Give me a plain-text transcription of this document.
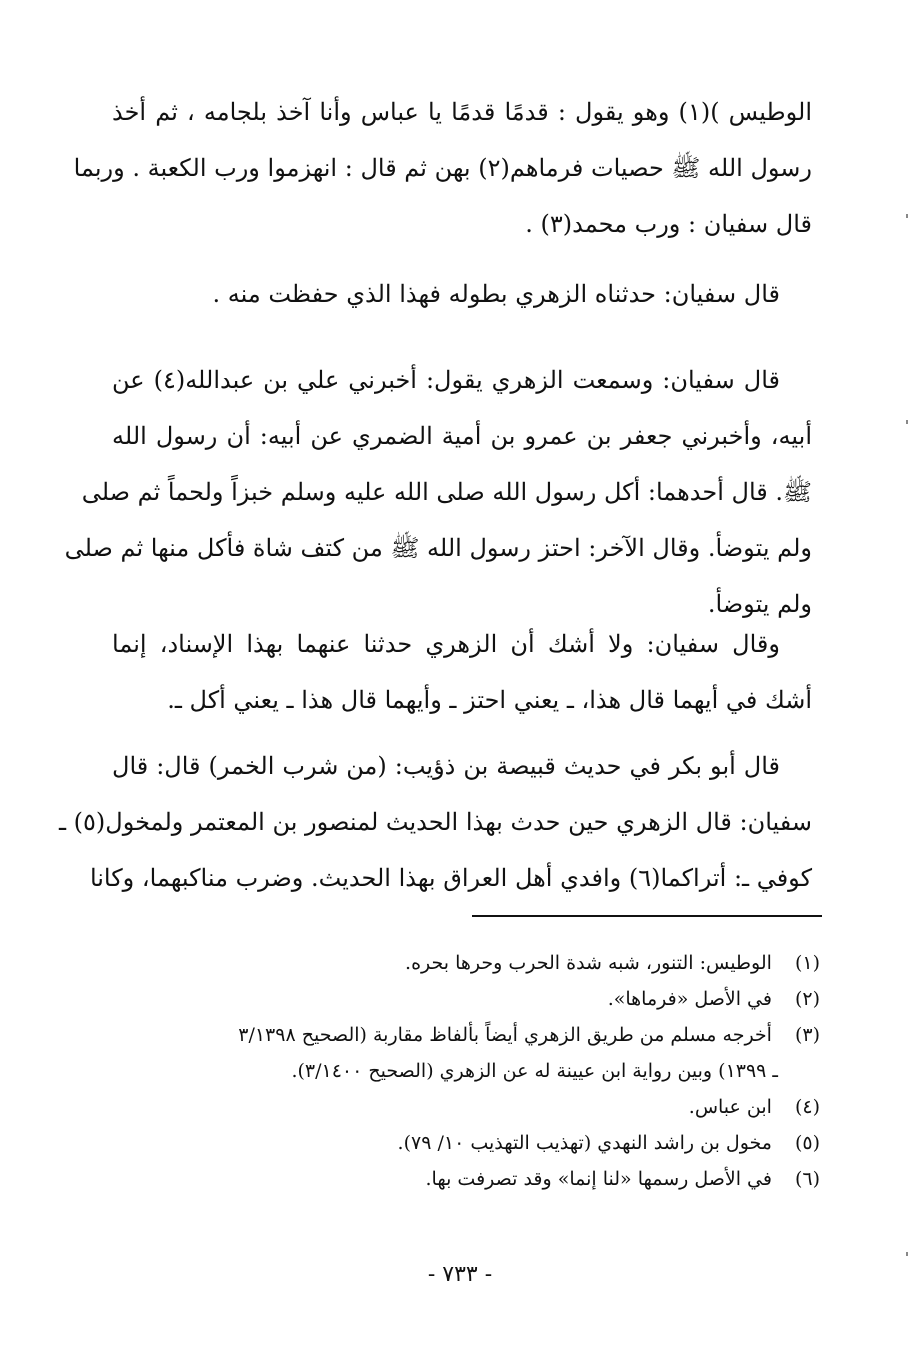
الوطيس )(١) وهو يقول : قدمًا قدمًا يا عباس وأنا آخذ بلجامه ، ثم أخذ
رسول الله ﷺ حصيات فرماهم(٢) بهن ثم قال : انهزموا ورب الكعبة . وربما
قال سفيان : ورب محمد(٣) .
قال سفيان: حدثناه الزهري بطوله فهذا الذي حفظت منه .
قال سفيان: وسمعت الزهري يقول: أخبرني علي بن عبدالله(٤) عن
أبيه، وأخبرني جعفر بن عمرو بن أمية الضمري عن أبيه: أن رسول الله
ﷺ. قال أحدهما: أكل رسول الله صلى الله عليه وسلم خبزاً ولحماً ثم صلى
ولم يتوضأ. وقال الآخر: احتز رسول الله ﷺ من كتف شاة فأكل منها ثم صلى
ولم يتوضأ.
وقال سفيان: ولا أشك أن الزهري حدثنا عنهما بهذا الإسناد، إنما
أشك في أيهما قال هذا، ـ يعني احتز ـ وأيهما قال هذا ـ يعني أكل ـ.
قال أبو بكر في حديث قبيصة بن ذؤيب: (من شرب الخمر) قال: قال
سفيان: قال الزهري حين حدث بهذا الحديث لمنصور بن المعتمر ولمخول(٥) ـ
كوفي ـ: أتراكما(٦) وافدي أهل العراق بهذا الحديث. وضرب مناكبهما، وكانا
(١) الوطيس: التنور، شبه شدة الحرب وحرها بحره.
(٢) في الأصل «فرماها».
(٣) أخرجه مسلم من طريق الزهري أيضاً بألفاظ مقاربة (الصحيح ٣/١٣٩٨
ـ ١٣٩٩) وبين رواية ابن عيينة له عن الزهري (الصحيح ٣/١٤٠٠).
(٤) ابن عباس.
(٥) مخول بن راشد النهدي (تهذيب التهذيب ١٠/ ٧٩).
(٦) في الأصل رسمها «لنا إنما» وقد تصرفت بها.
- ٧٣٣ -
